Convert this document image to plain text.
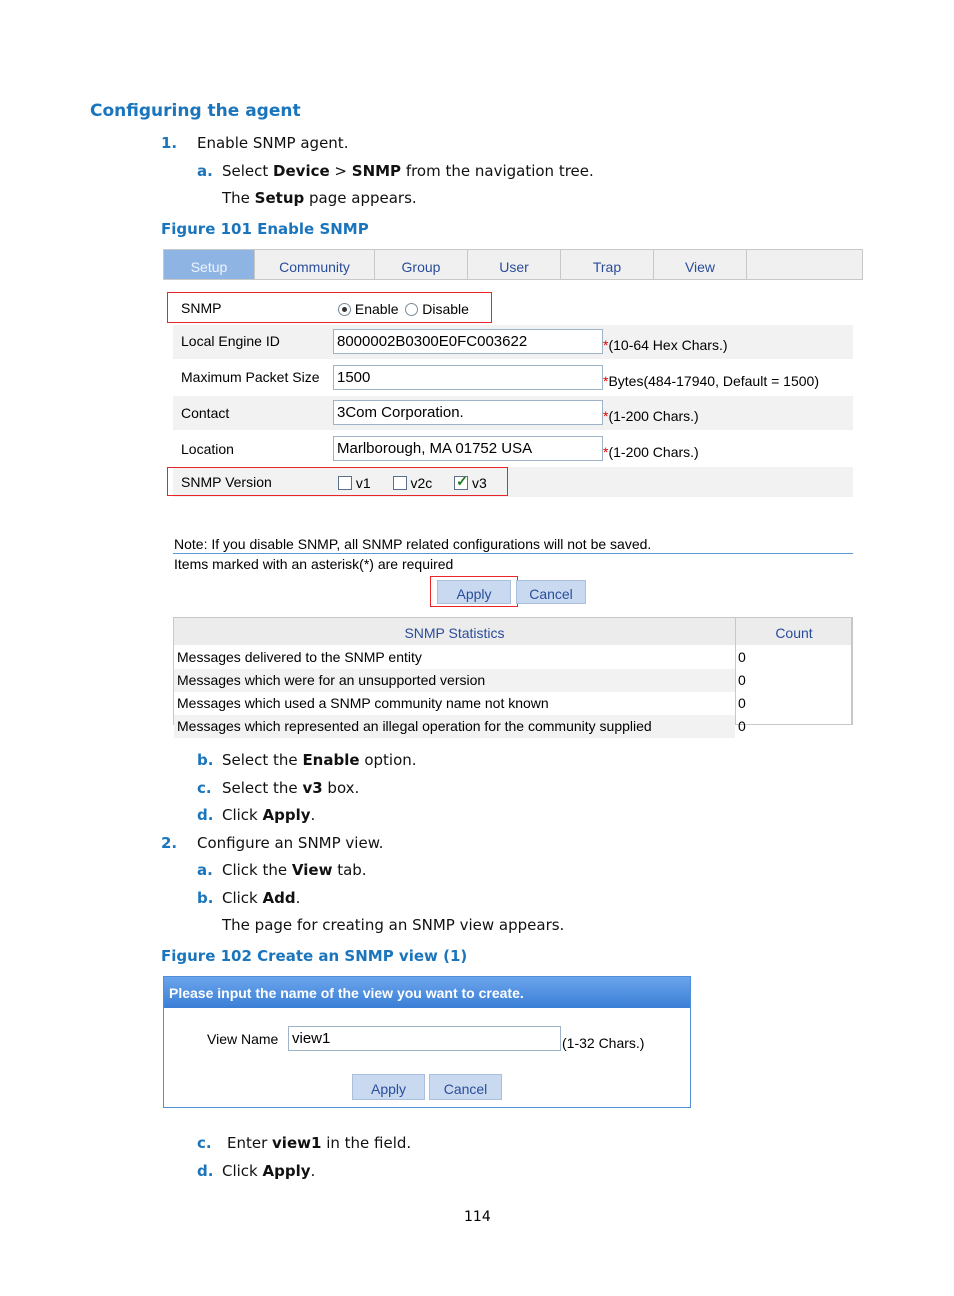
Configuring the agent
1. Enable SNMP agent.
a. Select Device > SNMP from the navigation tree.
The Setup page appears.
Figure 101 Enable SNMP
Setup	Community	Group	User	Trap	View
SNMP	Enable Disable
Local Engine ID	8000002B0300E0FC003622	*(10-64 Hex Chars.)
Maximum Packet Size 1500	*Bytes(484-17940, Default = 1500)
Contact	3Com Corporation.	*(1-200 Chars.)
Location	Marlborough, MA 01752 USA	*(1-200 Chars.)
SNMP Version	v1	v2c ✓	v3
Note: If you disable SNMP, all SNMP related configurations will not be saved.
Items marked with an asterisk(*) are required
Apply	Cancel
SNMP Statistics	Count
Messages delivered to the SNMP entity	0
Messages which were for an unsupported version	0
Messages which used a SNMP community name not known	0
Messages which represented an illegal operation for the community supplied	0
b. Select the Enable option.
c. Select the v3 box.
d. Click Apply.
2. Configure an SNMP view.
a. Click the View tab.
b. Click Add.
The page for creating an SNMP view appears.
Figure 102 Create an SNMP view (1)
Please input the name of the view you want to create.
View Name view1	(1-32 Chars.)
Apply	Cancel
c. Enter view1 in the field.
d. Click Apply.
114
